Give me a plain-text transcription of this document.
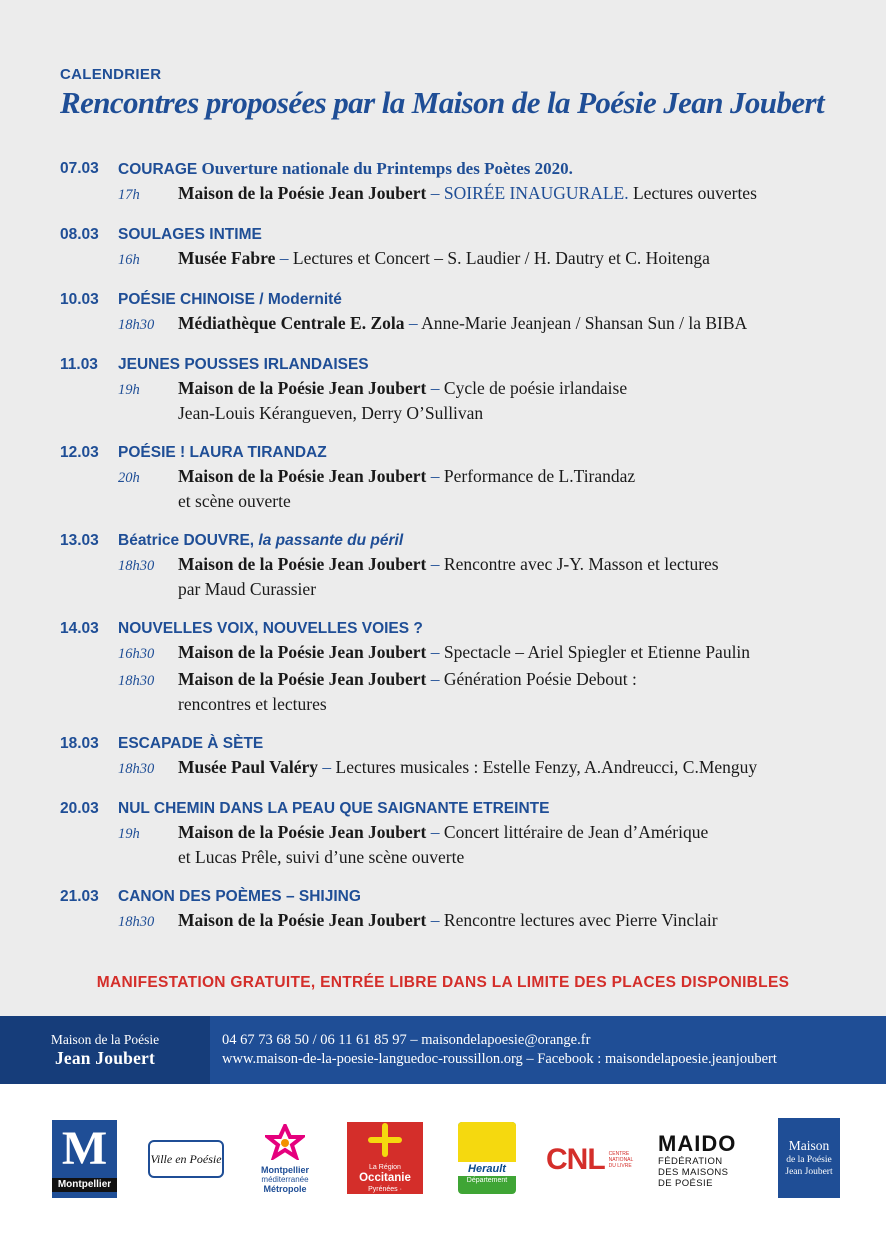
CALENDRIER
Rencontres proposées par la Maison de la Poésie Jean Joubert
07.03	COURAGE Ouverture nationale du Printemps des Poètes 2020.
17h	Maison de la Poésie Jean Joubert – SOIRÉE INAUGURALE. Lectures ouvertes
08.03	SOULAGES INTIME
16h	Musée Fabre – Lectures et Concert – S. Laudier / H. Dautry et C. Hoitenga
10.03	POÉSIE CHINOISE / Modernité
18h30	Médiathèque Centrale E. Zola – Anne-Marie Jeanjean / Shansan Sun / la BIBA
11.03	JEUNES POUSSES IRLANDAISES
19h	Maison de la Poésie Jean Joubert – Cycle de poésie irlandaise
Jean-Louis Kérangueven, Derry O’Sullivan
12.03	POÉSIE ! LAURA TIRANDAZ
20h	Maison de la Poésie Jean Joubert – Performance de L.Tirandaz
et scène ouverte
13.03	Béatrice DOUVRE, la passante du péril
18h30	Maison de la Poésie Jean Joubert – Rencontre avec J-Y. Masson et lectures
par Maud Curassier
14.03	NOUVELLES VOIX, NOUVELLES VOIES ?
16h30	Maison de la Poésie Jean Joubert – Spectacle – Ariel Spiegler et Etienne Paulin
18h30	Maison de la Poésie Jean Joubert – Génération Poésie Debout :
rencontres et lectures
18.03	ESCAPADE À SÈTE
18h30	Musée Paul Valéry – Lectures musicales : Estelle Fenzy, A.Andreucci, C.Menguy
20.03	NUL CHEMIN DANS LA PEAU QUE SAIGNANTE ETREINTE
19h	Maison de la Poésie Jean Joubert – Concert littéraire de Jean d’Amérique
et Lucas Prêle, suivi d’une scène ouverte
21.03	CANON DES POÈMES – SHIJING
18h30	Maison de la Poésie Jean Joubert – Rencontre lectures avec Pierre Vinclair
MANIFESTATION GRATUITE, ENTRÉE LIBRE DANS LA LIMITE DES PLACES DISPONIBLES
Maison de la Poésie
Jean Joubert
04 67 73 68 50 / 06 11 61 85 97 – maisondelapoesie@orange.fr
www.maison-de-la-poesie-languedoc-roussillon.org – Facebook : maisondelapoesie.jeanjoubert
M
Montpellier
Ville en Poésie
Montpellier
méditerranée
Métropole
La Région
Occitanie
Pyrénées · Méditerranée
Herault
Département
CNL CENTRE NATIONAL DU LIVRE
MAIDO
FÉDÉRATION
DES MAISONS
DE POÉSIE
Maison
de la Poésie
Jean Joubert
